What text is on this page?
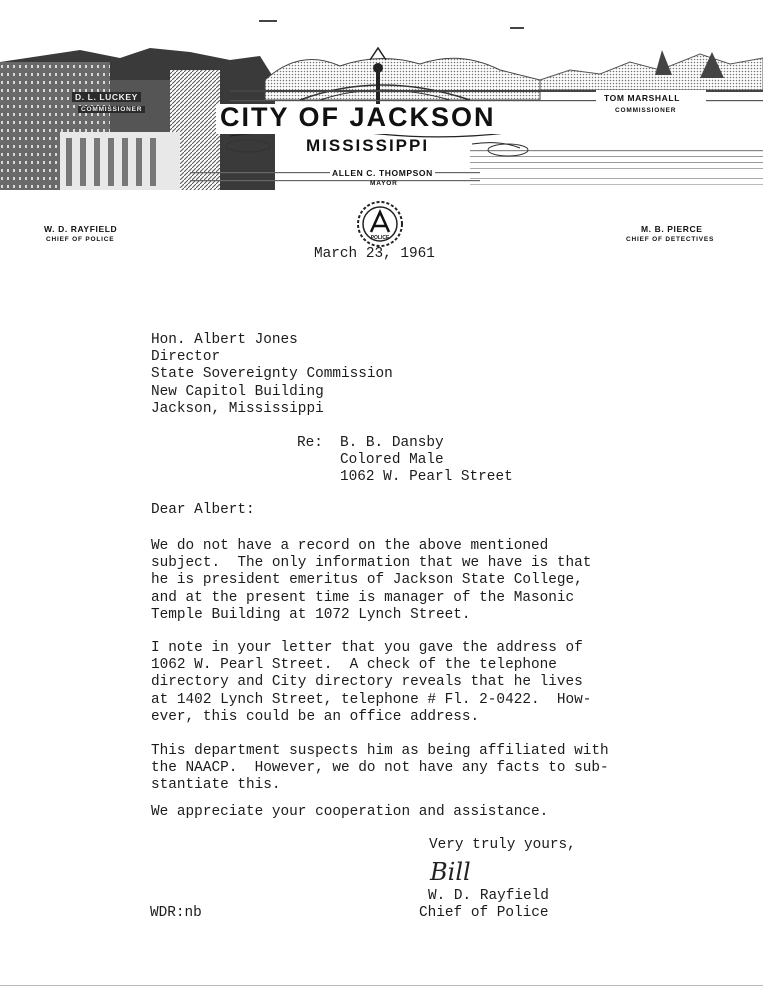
CITY OF JACKSON
MISSISSIPPI
D. L. LUCKEY
COMMISSIONER
TOM MARSHALL
COMMISSIONER
ALLEN C. THOMPSON
MAYOR
W. D. RAYFIELD
CHIEF OF POLICE
M. B. PIERCE
CHIEF OF DETECTIVES
POLICE
March 23, 1961
Hon. Albert Jones
Director
State Sovereignty Commission
New Capitol Building
Jackson, Mississippi
Re: B. B. Dansby
Colored Male
1062 W. Pearl Street
Dear Albert:
We do not have a record on the above mentioned
subject.  The only information that we have is that
he is president emeritus of Jackson State College,
and at the present time is manager of the Masonic
Temple Building at 1072 Lynch Street.
I note in your letter that you gave the address of
1062 W. Pearl Street.  A check of the telephone
directory and City directory reveals that he lives
at 1402 Lynch Street, telephone # Fl. 2-0422.  How-
ever, this could be an office address.
This department suspects him as being affiliated with
the NAACP.  However, we do not have any facts to sub-
stantiate this.
We appreciate your cooperation and assistance.
Very truly yours,
Bill
W. D. Rayfield
Chief of Police
WDR:nb
